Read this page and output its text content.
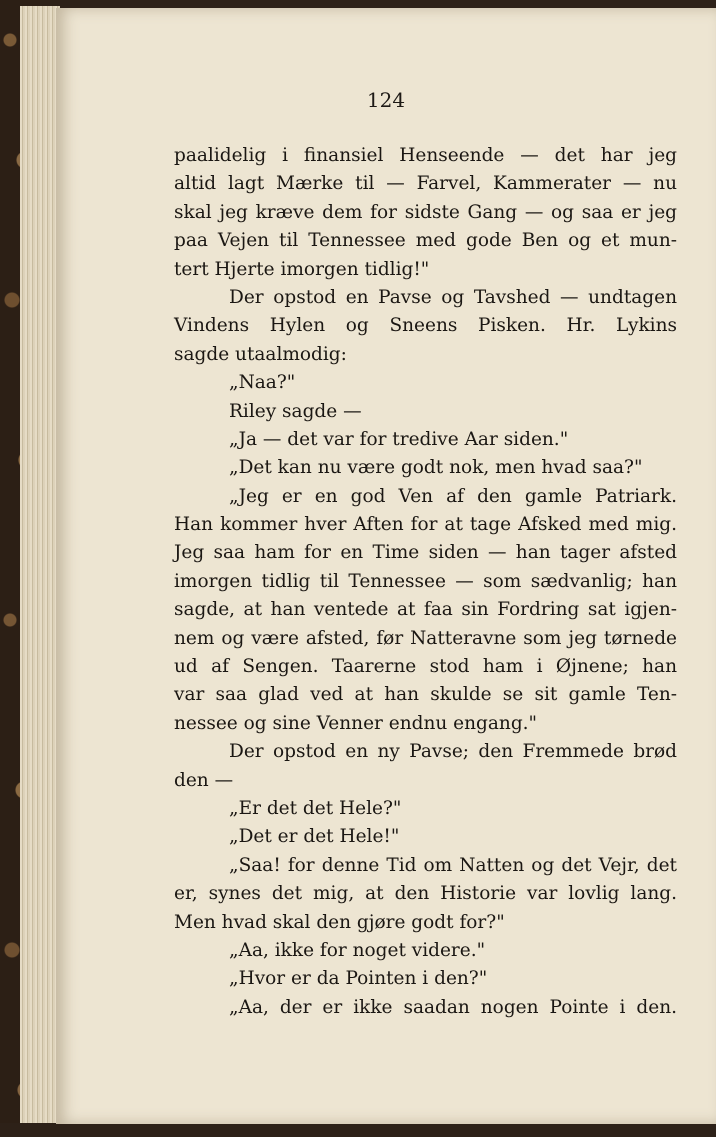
124
paalidelig i finansiel Henseende — det har jeg
altid lagt Mærke til — Farvel, Kammerater — nu
skal jeg kræve dem for sidste Gang — og saa er jeg
paa Vejen til Tennessee med gode Ben og et mun-
tert Hjerte imorgen tidlig!"
Der opstod en Pavse og Tavshed — undtagen
Vindens Hylen og Sneens Pisken. Hr. Lykins
sagde utaalmodig:
„Naa?"
Riley sagde —
„Ja — det var for tredive Aar siden."
„Det kan nu være godt nok, men hvad saa?"
„Jeg er en god Ven af den gamle Patriark.
Han kommer hver Aften for at tage Afsked med mig.
Jeg saa ham for en Time siden — han tager afsted
imorgen tidlig til Tennessee — som sædvanlig; han
sagde, at han ventede at faa sin Fordring sat igjen-
nem og være afsted, før Natteravne som jeg tørnede
ud af Sengen. Taarerne stod ham i Øjnene; han
var saa glad ved at han skulde se sit gamle Ten-
nessee og sine Venner endnu engang."
Der opstod en ny Pavse; den Fremmede brød
den —
„Er det det Hele?"
„Det er det Hele!"
„Saa! for denne Tid om Natten og det Vejr, det
er, synes det mig, at den Historie var lovlig lang.
Men hvad skal den gjøre godt for?"
„Aa, ikke for noget videre."
„Hvor er da Pointen i den?"
„Aa, der er ikke saadan nogen Pointe i den.
